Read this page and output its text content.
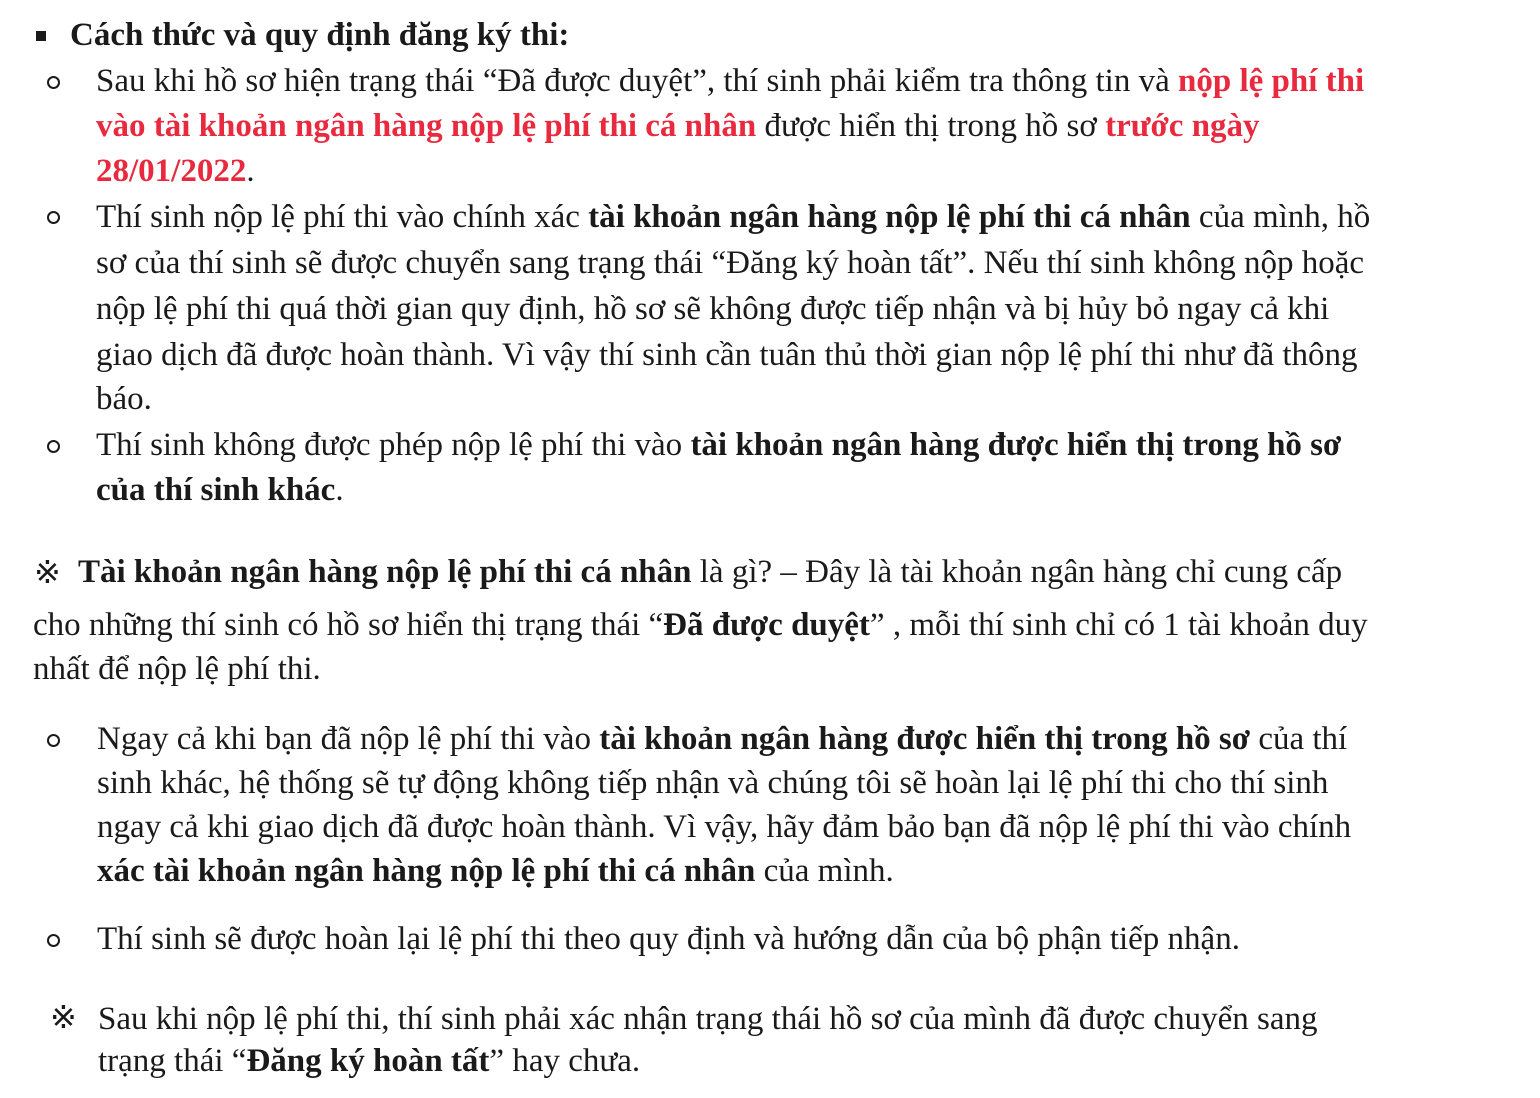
Cách thức và quy định đăng ký thi:
Sau khi hồ sơ hiện trạng thái “Đã được duyệt”, thí sinh phải kiểm tra thông tin và nộp lệ phí thi
vào tài khoản ngân hàng nộp lệ phí thi cá nhân được hiển thị trong hồ sơ trước ngày
28/01/2022.
Thí sinh nộp lệ phí thi vào chính xác tài khoản ngân hàng nộp lệ phí thi cá nhân của mình, hồ
sơ của thí sinh sẽ được chuyển sang trạng thái “Đăng ký hoàn tất”. Nếu thí sinh không nộp hoặc
nộp lệ phí thi quá thời gian quy định, hồ sơ sẽ không được tiếp nhận và bị hủy bỏ ngay cả khi
giao dịch đã được hoàn thành. Vì vậy thí sinh cần tuân thủ thời gian nộp lệ phí thi như đã thông
báo.
Thí sinh không được phép nộp lệ phí thi vào tài khoản ngân hàng được hiển thị trong hồ sơ
của thí sinh khác.
※ Tài khoản ngân hàng nộp lệ phí thi cá nhân là gì? – Đây là tài khoản ngân hàng chỉ cung cấp
cho những thí sinh có hồ sơ hiển thị trạng thái “Đã được duyệt” , mỗi thí sinh chỉ có 1 tài khoản duy
nhất để nộp lệ phí thi.
Ngay cả khi bạn đã nộp lệ phí thi vào tài khoản ngân hàng được hiển thị trong hồ sơ của thí
sinh khác, hệ thống sẽ tự động không tiếp nhận và chúng tôi sẽ hoàn lại lệ phí thi cho thí sinh
ngay cả khi giao dịch đã được hoàn thành. Vì vậy, hãy đảm bảo bạn đã nộp lệ phí thi vào chính
xác tài khoản ngân hàng nộp lệ phí thi cá nhân của mình.
Thí sinh sẽ được hoàn lại lệ phí thi theo quy định và hướng dẫn của bộ phận tiếp nhận.
※ Sau khi nộp lệ phí thi, thí sinh phải xác nhận trạng thái hồ sơ của mình đã được chuyển sang
trạng thái “Đăng ký hoàn tất” hay chưa.
